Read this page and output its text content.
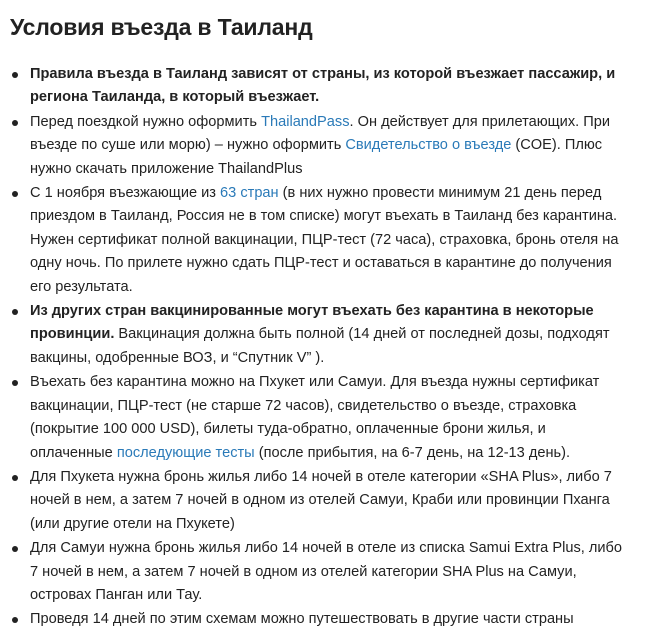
Условия въезда в Таиланд
Правила въезда в Таиланд зависят от страны, из которой въезжает пассажир, и региона Таиланда, в который въезжает.
Перед поездкой нужно оформить ThailandPass. Он действует для прилетающих. При въезде по суше или морю) – нужно оформить Свидетельство о въезде (COE). Плюс нужно скачать приложение ThailandPlus
С 1 ноября въезжающие из 63 стран (в них нужно провести минимум 21 день перед приездом в Таиланд, Россия не в том списке) могут въехать в Таиланд без карантина. Нужен сертификат полной вакцинации, ПЦР-тест (72 часа), страховка, бронь отеля на одну ночь. По прилете нужно сдать ПЦР-тест и оставаться в карантине до получения его результата.
Из других стран вакцинированные могут въехать без карантина в некоторые провинции. Вакцинация должна быть полной (14 дней от последней дозы, подходят вакцины, одобренные ВОЗ, и “Спутник V” ).
Въехать без карантина можно на Пхукет или Самуи. Для въезда нужны сертификат вакцинации, ПЦР-тест (не старше 72 часов), свидетельство о въезде, страховка (покрытие 100 000 USD), билеты туда-обратно, оплаченные брони жилья, и оплаченные последующие тесты (после прибытия, на 6-7 день, на 12-13 день).
Для Пхукета нужна бронь жилья либо 14 ночей в отеле категории «SHA Plus», либо 7 ночей в нем, а затем 7 ночей в одном из отелей Самуи, Краби или провинции Пханга (или другие отели на Пхукете)
Для Самуи нужна бронь жилья либо 14 ночей в отеле из списка Samui Extra Plus, либо 7 ночей в нем, а затем 7 ночей в одном из отелей категории SHA Plus на Самуи, островах Панган или Тау.
Проведя 14 дней по этим схемам можно путешествовать в другие части страны
